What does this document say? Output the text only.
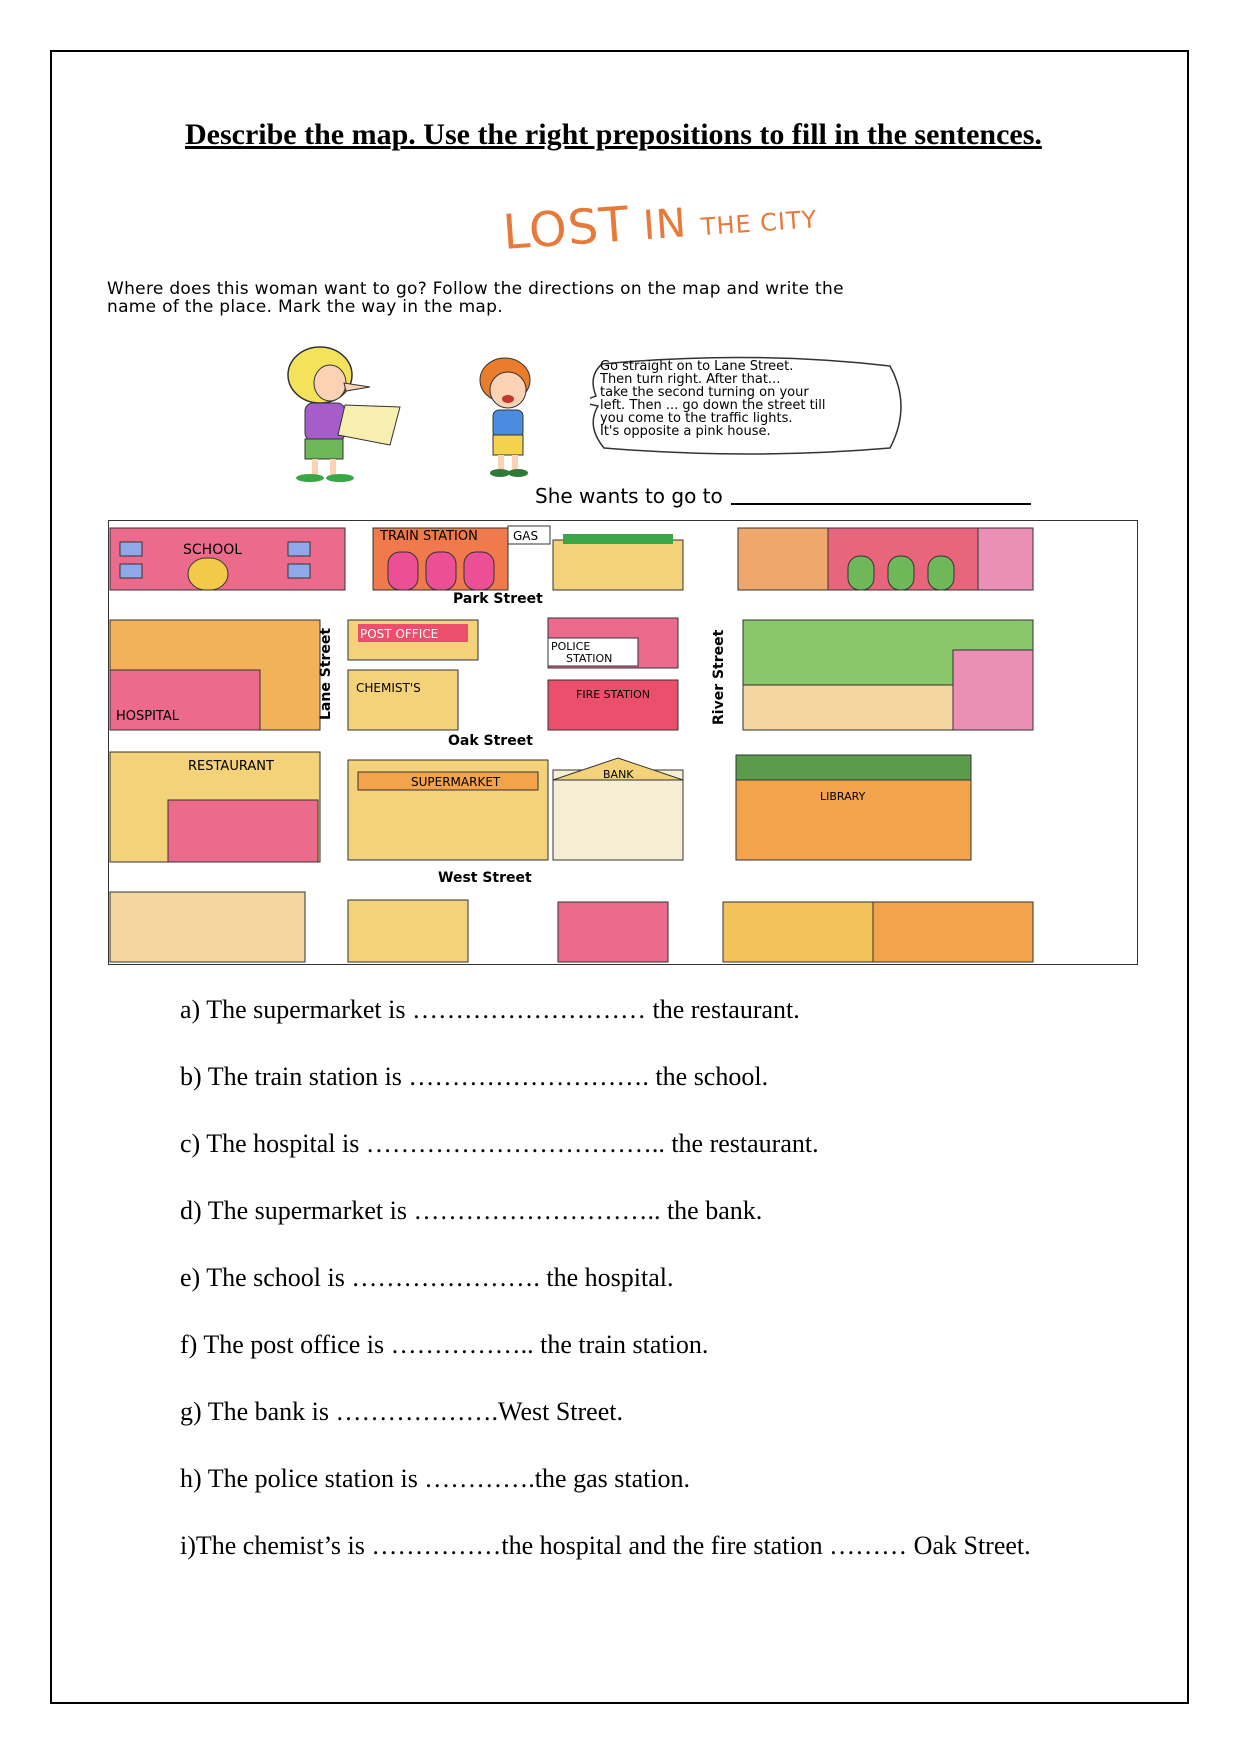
Describe the map. Use the right prepositions to fill in the sentences.
LOST IN THE CITY
Where does this woman want to go? Follow the directions on the map and write the
name of the place. Mark the way in the map.
Go straight on to Lane Street.
Then turn right. After that...
take the second turning on your
left. Then ... go down the street till
you come to the traffic lights.
It's opposite a pink house.
She wants to go to
SCHOOL
TRAIN STATION	GAS
Park Street
HOSPITAL	Lane Street POST OFFICE
POLICE
STATION
CHEMIST'S	FIRE STATION	River Street
Oak Street
RESTAURANT
SUPERMARKET
BANK
LIBRARY
West Street
a) The supermarket is ……………………… the restaurant.
b) The train station is ………………………. the school.
c) The hospital is …………………………….. the restaurant.
d) The supermarket is ……………………….. the bank.
e) The school is …………………. the hospital.
f) The post office is …………….. the train station.
g) The bank is ……………….West Street.
h) The police station is ………….the gas station.
i)The chemist’s is ……………the hospital and the fire station ……… Oak Street.
